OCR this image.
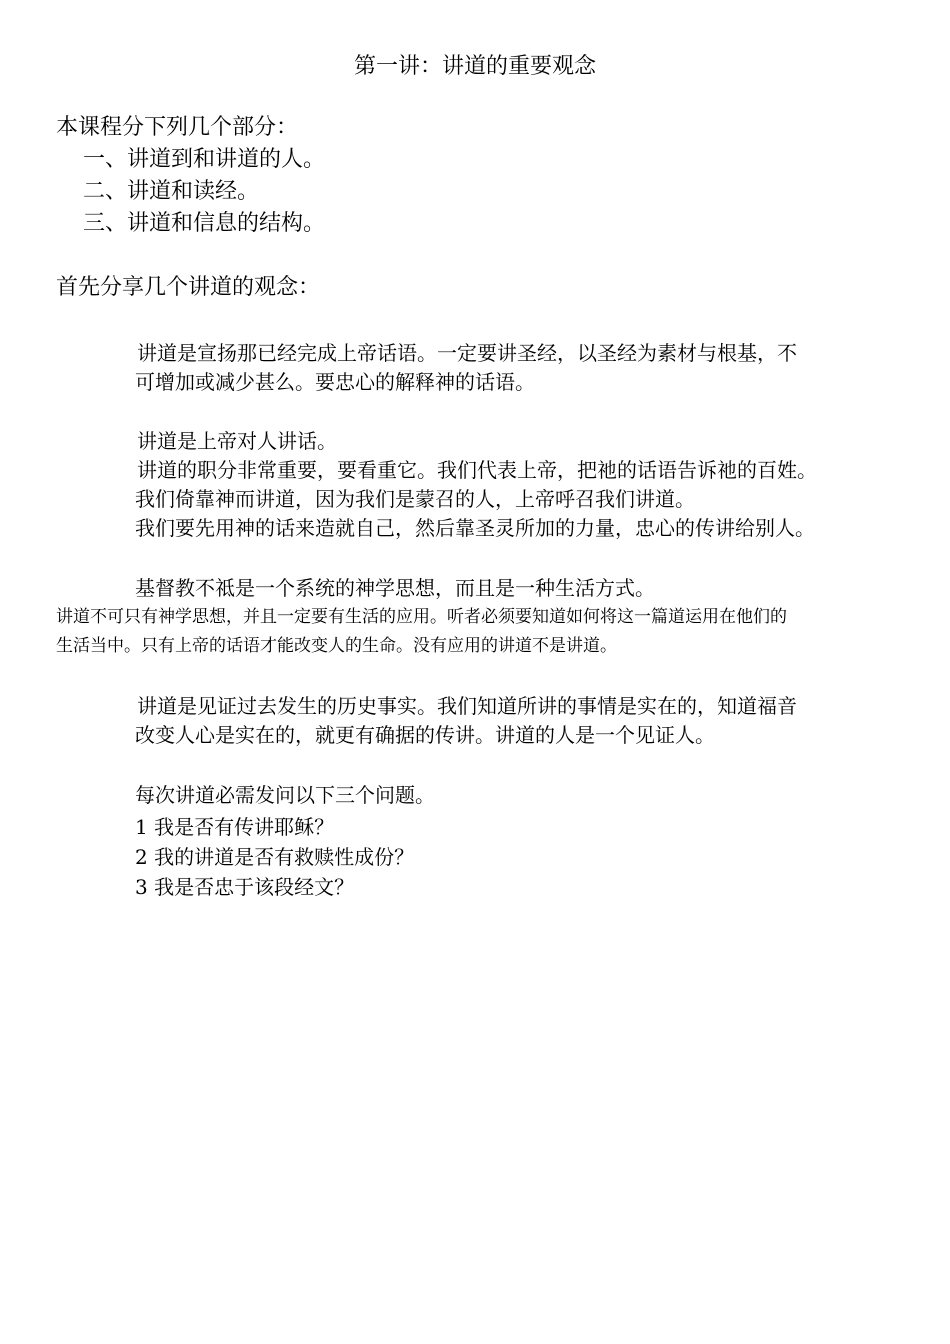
第一讲：讲道的重要观念

本课程分下列几个部分：

一、讲道到和讲道的人。

二、讲道和读经。

三、讲道和信息的结构。

首先分享几个讲道的观念：

讲道是宣扬那已经完成上帝话语。一定要讲圣经，以圣经为素材与根基，不

可增加或减少甚么。要忠心的解释神的话语。

讲道是上帝对人讲话。

讲道的职分非常重要，要看重它。我们代表上帝，把祂的话语告诉祂的百姓。

我们倚靠神而讲道，因为我们是蒙召的人，上帝呼召我们讲道。

我们要先用神的话来造就自己，然后靠圣灵所加的力量，忠心的传讲给别人。

基督教不祗是一个系统的神学思想，而且是一种生活方式。

讲道不可只有神学思想，并且一定要有生活的应用。听者必须要知道如何将这一篇道运用在他们的

生活当中。只有上帝的话语才能改变人的生命。没有应用的讲道不是讲道。

讲道是见证过去发生的历史事实。我们知道所讲的事情是实在的，知道福音

改变人心是实在的，就更有确据的传讲。讲道的人是一个见证人。

每次讲道必需发问以下三个问题。

1 我是否有传讲耶稣？

2 我的讲道是否有救赎性成份？

3 我是否忠于该段经文？
